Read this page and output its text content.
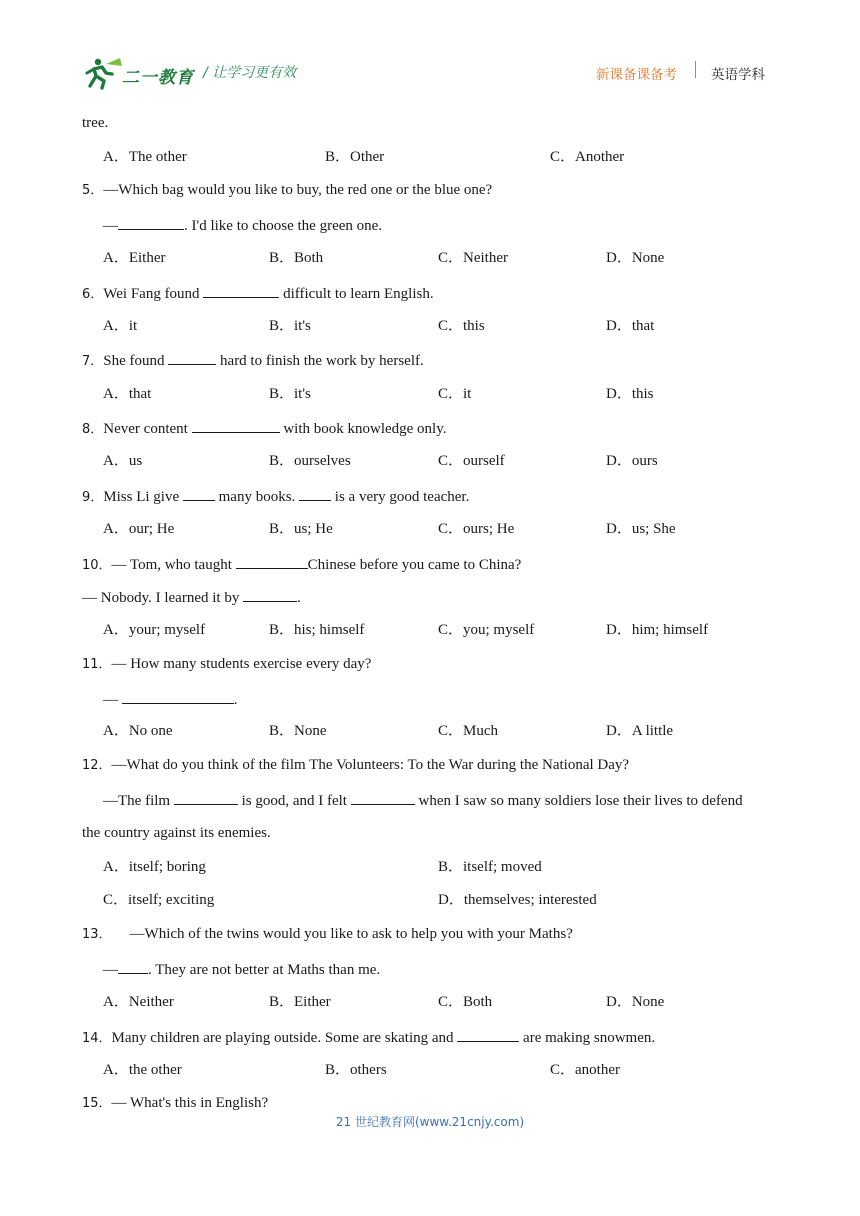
二一教育 / 让学习更有效	新课备课备考	英语学科
tree.
A．The other	B．Other	C．Another
5．—Which bag would you like to buy, the red one or the blue one?
—	. I'd like to choose the green one.
A．Either	B．Both	C．Neither	D．None
6．Wei Fang found	difficult to learn English.
A．it	B．it's	C．this	D．that
7．She found	hard to finish the work by herself.
A．that	B．it's	C．it	D．this
8．Never content	with book knowledge only.
A．us	B．ourselves	C．ourself	D．ours
9．Miss Li give  many books.  is a very good teacher.
A．our; He	B．us; He	C．ours; He	D．us; She
10．— Tom, who taught	Chinese before you came to China?
— Nobody. I learned it by	.
A．your; myself	B．his; himself	C．you; myself	D．him; himself
11．— How many students exercise every day?
—	.
A．No one	B．None	C．Much	D．A little
12．—What do you think of the film The Volunteers: To the War during the National Day?
—The film	is good, and I felt	when I saw so many soldiers lose their lives to defend
the country against its enemies.
A．itself; boring	B．itself; moved
C．itself; exciting	D．themselves; interested
13． —Which of the twins would you like to ask to help you with your Maths?
— . They are not better at Maths than me.
A．Neither	B．Either	C．Both	D．None
14．Many children are playing outside. Some are skating and	are making snowmen.
A．the other	B．others	C．another
15．— What's this in English?
21 世纪教育网(www.21cnjy.com)
